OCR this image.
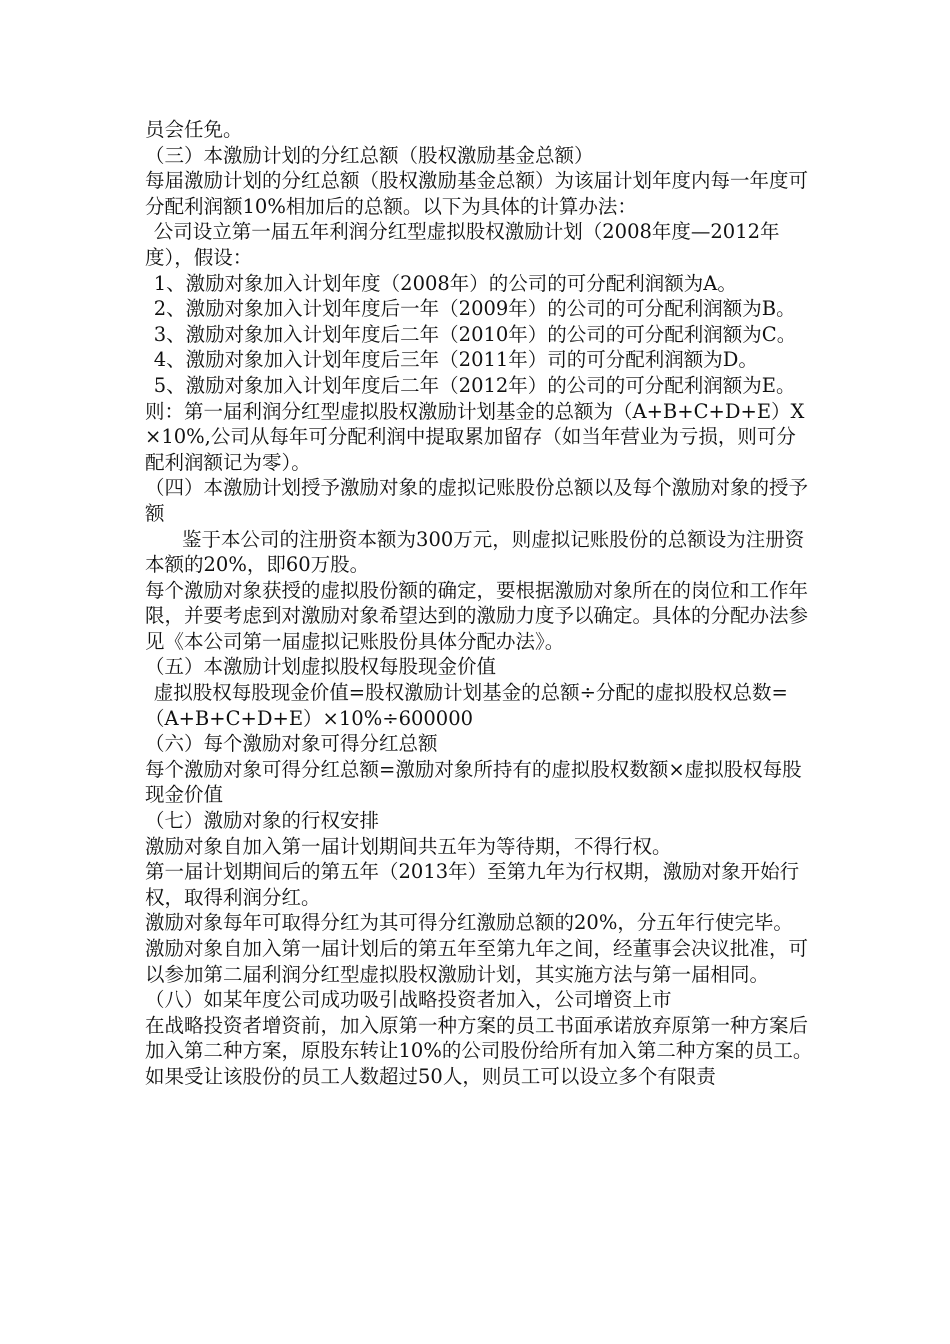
员会任免。

（三）本激励计划的分红总额（股权激励基金总额）

每届激励计划的分红总额（股权激励基金总额）为该届计划年度内每一年度可分配利润额10%相加后的总额。以下为具体的计算办法：

公司设立第一届五年利润分红型虚拟股权激励计划（2008年度—2012年度），假设：

1、激励对象加入计划年度（2008年）的公司的可分配利润额为A。

2、激励对象加入计划年度后一年（2009年）的公司的可分配利润额为B。

3、激励对象加入计划年度后二年（2010年）的公司的可分配利润额为C。

4、激励对象加入计划年度后三年（2011年）司的可分配利润额为D。

5、激励对象加入计划年度后二年（2012年）的公司的可分配利润额为E。

则：第一届利润分红型虚拟股权激励计划基金的总额为（A+B+C+D+E）X×10%,公司从每年可分配利润中提取累加留存（如当年营业为亏损，则可分配利润额记为零）。

（四）本激励计划授予激励对象的虚拟记账股份总额以及每个激励对象的授予额

鉴于本公司的注册资本额为300万元，则虚拟记账股份的总额设为注册资本额的20%，即60万股。

每个激励对象获授的虚拟股份额的确定，要根据激励对象所在的岗位和工作年限，并要考虑到对激励对象希望达到的激励力度予以确定。具体的分配办法参见《本公司第一届虚拟记账股份具体分配办法》。

（五）本激励计划虚拟股权每股现金价值

虚拟股权每股现金价值=股权激励计划基金的总额÷分配的虚拟股权总数=（A+B+C+D+E）×10%÷600000

（六）每个激励对象可得分红总额

每个激励对象可得分红总额=激励对象所持有的虚拟股权数额×虚拟股权每股现金价值

（七）激励对象的行权安排

激励对象自加入第一届计划期间共五年为等待期，不得行权。

第一届计划期间后的第五年（2013年）至第九年为行权期，激励对象开始行权，取得利润分红。

激励对象每年可取得分红为其可得分红激励总额的20%，分五年行使完毕。

激励对象自加入第一届计划后的第五年至第九年之间，经董事会决议批准，可以参加第二届利润分红型虚拟股权激励计划，其实施方法与第一届相同。

（八）如某年度公司成功吸引战略投资者加入，公司增资上市

在战略投资者增资前，加入原第一种方案的员工书面承诺放弃原第一种方案后加入第二种方案，原股东转让10%的公司股份给所有加入第二种方案的员工。

如果受让该股份的员工人数超过50人，则员工可以设立多个有限责
